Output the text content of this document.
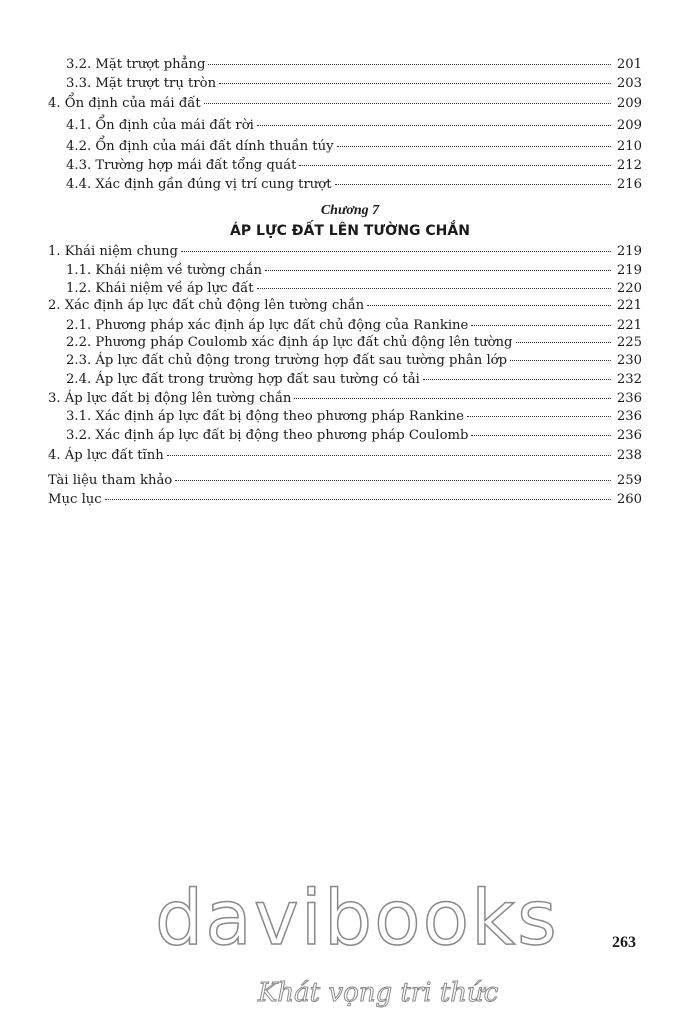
3.2. Mặt trượt phẳng	201
3.3. Mặt trượt trụ tròn	203
4. Ổn định của mái đất	209
4.1. Ổn định của mái đất rời	209
4.2. Ổn định của mái đất dính thuần túy	210
4.3. Trường hợp mái đất tổng quát	212
4.4. Xác định gần đúng vị trí cung trượt	216
Chương 7
ÁP LỰC ĐẤT LÊN TƯỜNG CHẮN
1. Khái niệm chung	219
1.1. Khái niệm về tường chắn	219
1.2. Khái niệm về áp lực đất	220
2. Xác định áp lực đất chủ động lên tường chắn	221
2.1. Phương pháp xác định áp lực đất chủ động của Rankine	221
2.2. Phương pháp Coulomb xác định áp lực đất chủ động lên tường	225
2.3. Áp lực đất chủ động trong trường hợp đất sau tường phân lớp	230
2.4. Áp lực đất trong trường hợp đất sau tường có tải	232
3. Áp lực đất bị động lên tường chắn	236
3.1. Xác định áp lực đất bị động theo phương pháp Rankine	236
3.2. Xác định áp lực đất bị động theo phương pháp Coulomb	236
4. Áp lực đất tĩnh	238
Tài liệu tham khảo	259
Mục lục	260
263
davibooks
Khát vọng tri thức
